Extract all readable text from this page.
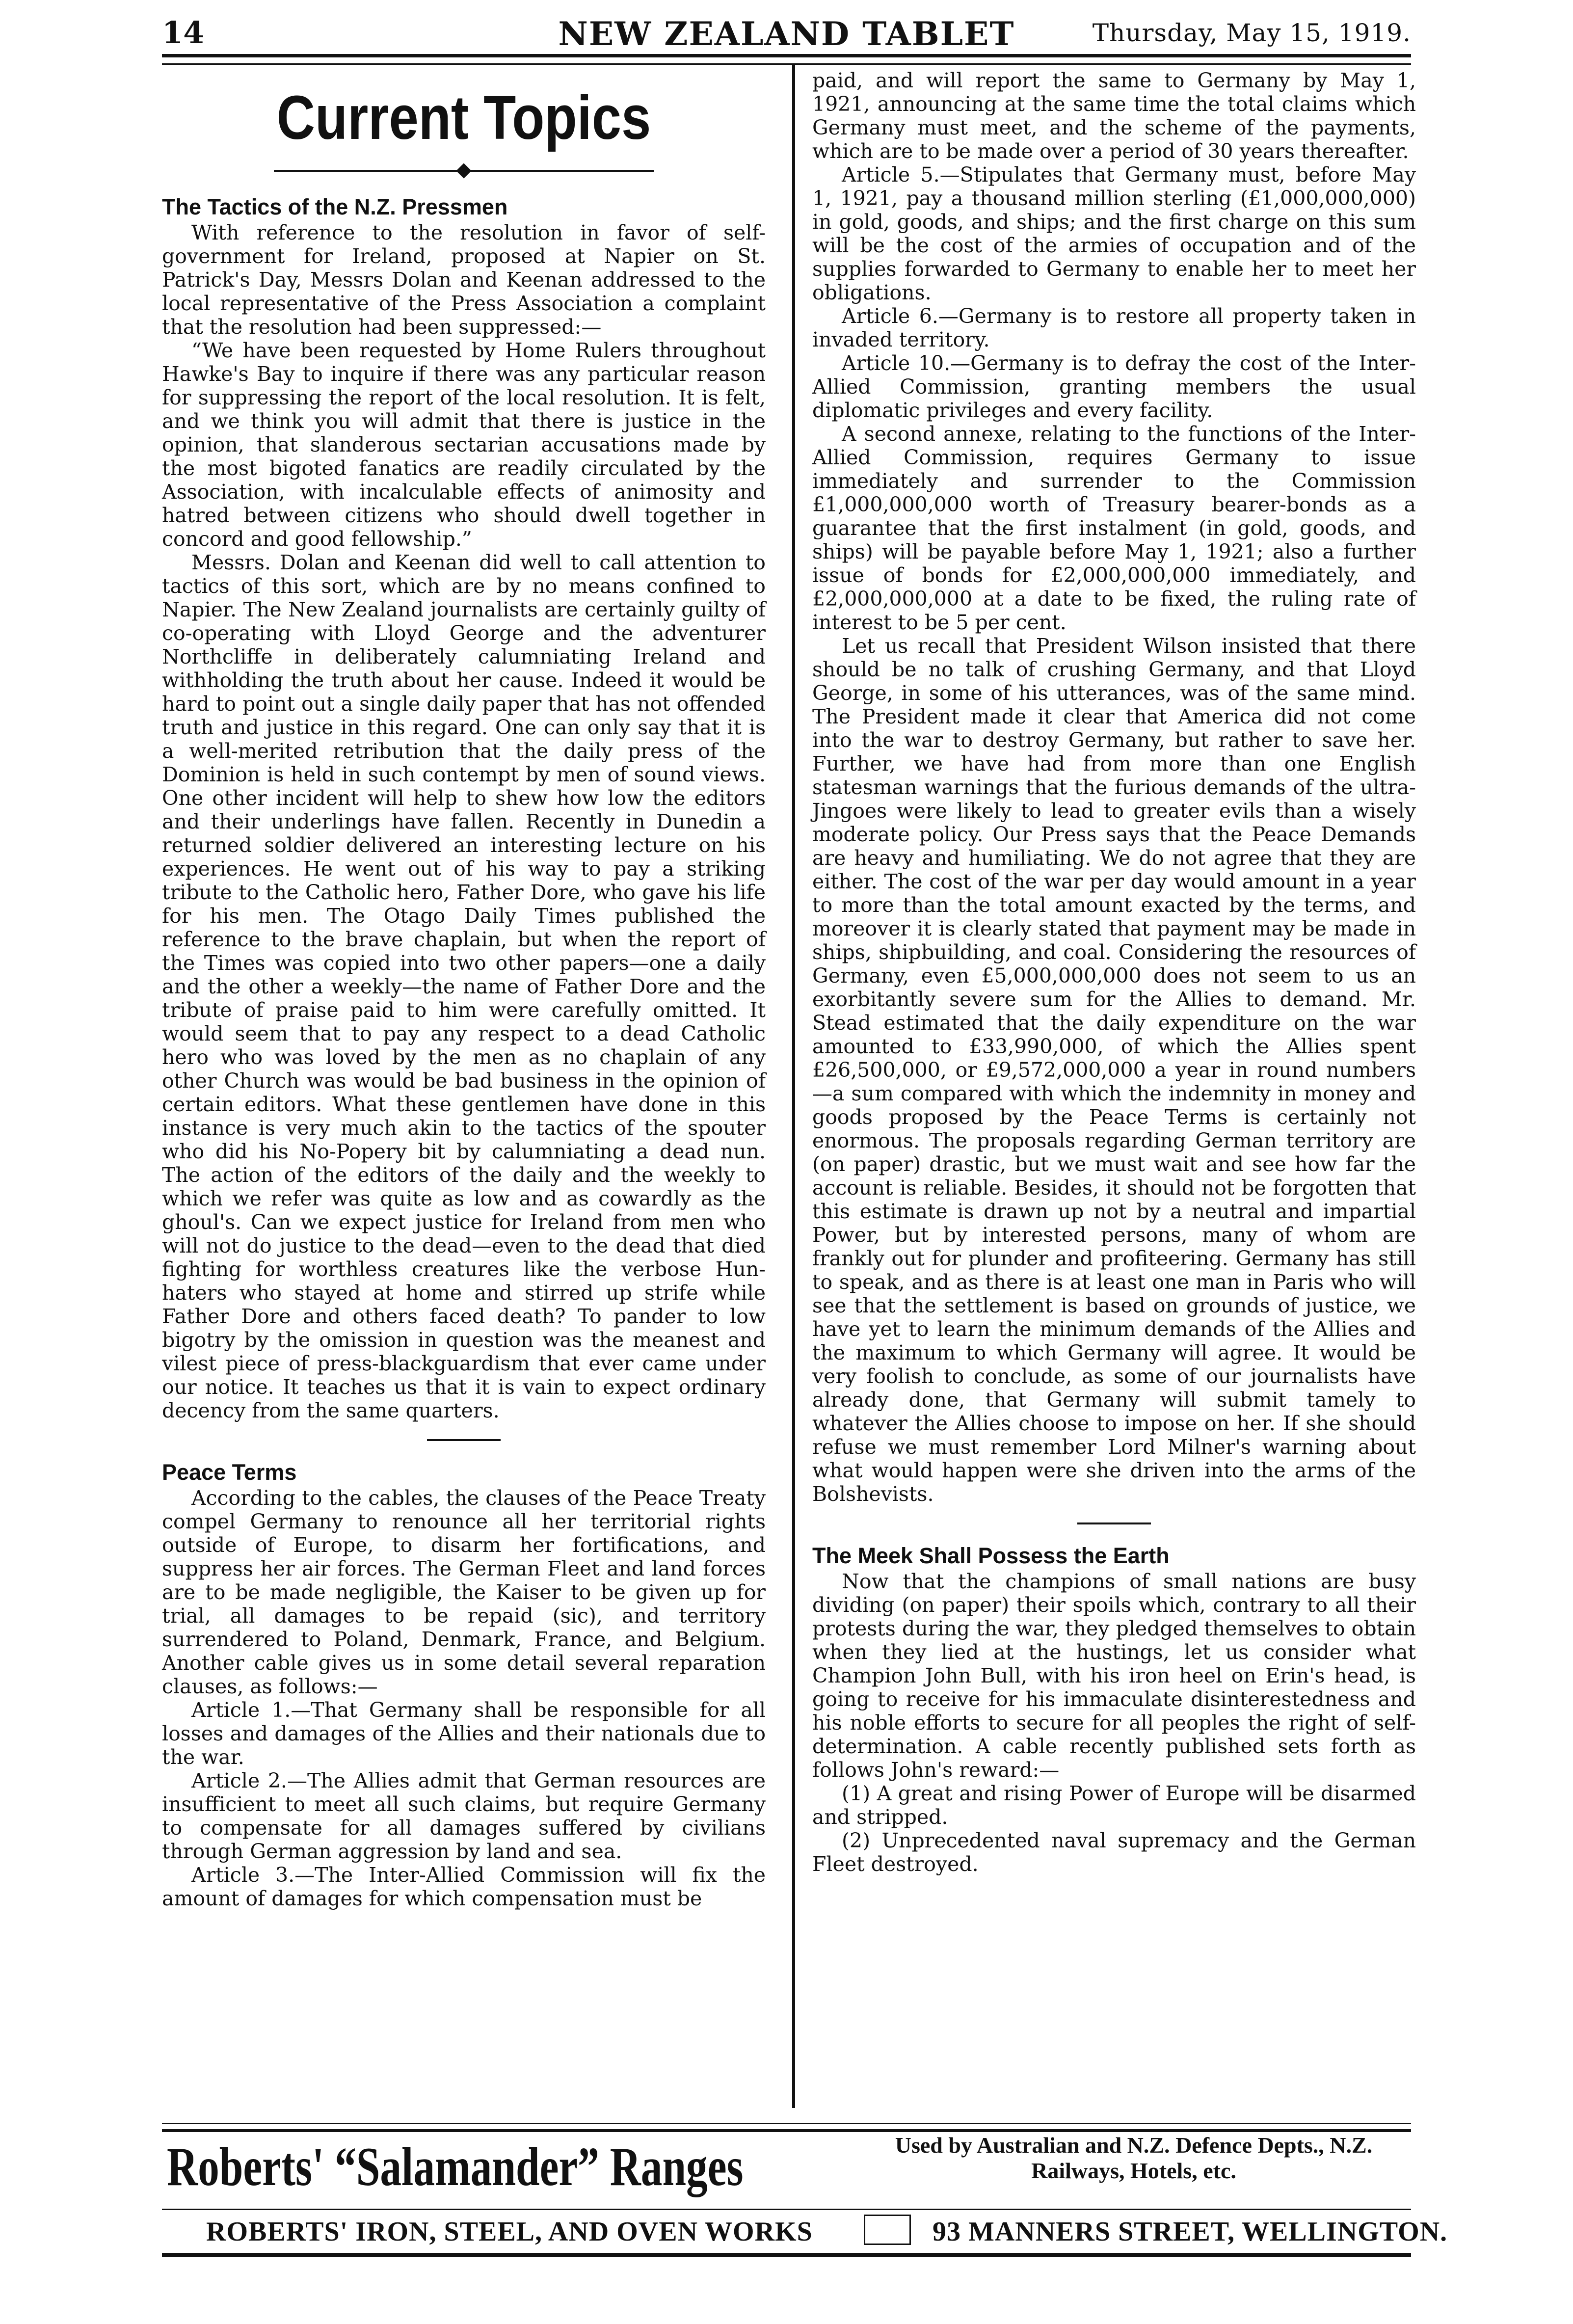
14	NEW ZEALAND TABLET	Thursday, May 15, 1919.
Current Topics

The Tactics of the N.Z. Pressmen

With reference to the resolution in favor of self-government for Ireland, proposed at Napier on St. Patrick's Day, Messrs Dolan and Keenan addressed to the local representative of the Press Association a complaint that the resolution had been suppressed:—

“We have been requested by Home Rulers throughout Hawke's Bay to inquire if there was any particular reason for suppressing the report of the local resolution. It is felt, and we think you will admit that there is justice in the opinion, that slanderous sectarian accusations made by the most bigoted fanatics are readily circulated by the Association, with incalculable effects of animosity and hatred between citizens who should dwell together in concord and good fellowship.”

Messrs. Dolan and Keenan did well to call attention to tactics of this sort, which are by no means confined to Napier. The New Zealand journalists are certainly guilty of co-operating with Lloyd George and the adventurer Northcliffe in deliberately calumniating Ireland and withholding the truth about her cause. Indeed it would be hard to point out a single daily paper that has not offended truth and justice in this regard. One can only say that it is a well-merited retribution that the daily press of the Dominion is held in such contempt by men of sound views. One other incident will help to shew how low the editors and their underlings have fallen. Recently in Dunedin a returned soldier delivered an interesting lecture on his experiences. He went out of his way to pay a striking tribute to the Catholic hero, Father Dore, who gave his life for his men. The Otago Daily Times published the reference to the brave chaplain, but when the report of the Times was copied into two other papers—one a daily and the other a weekly—the name of Father Dore and the tribute of praise paid to him were carefully omitted. It would seem that to pay any respect to a dead Catholic hero who was loved by the men as no chaplain of any other Church was would be bad business in the opinion of certain editors. What these gentlemen have done in this instance is very much akin to the tactics of the spouter who did his No-Popery bit by calumniating a dead nun. The action of the editors of the daily and the weekly to which we refer was quite as low and as cowardly as the ghoul's. Can we expect justice for Ireland from men who will not do justice to the dead—even to the dead that died fighting for worthless creatures like the verbose Hun-haters who stayed at home and stirred up strife while Father Dore and others faced death? To pander to low bigotry by the omission in question was the meanest and vilest piece of press-blackguardism that ever came under our notice. It teaches us that it is vain to expect ordinary decency from the same quarters.

Peace Terms

According to the cables, the clauses of the Peace Treaty compel Germany to renounce all her territorial rights outside of Europe, to disarm her fortifications, and suppress her air forces. The German Fleet and land forces are to be made negligible, the Kaiser to be given up for trial, all damages to be repaid (sic), and territory surrendered to Poland, Denmark, France, and Belgium. Another cable gives us in some detail several reparation clauses, as follows:—

Article 1.—That Germany shall be responsible for all losses and damages of the Allies and their nationals due to the war.

Article 2.—The Allies admit that German resources are insufficient to meet all such claims, but require Germany to compensate for all damages suffered by civilians through German aggression by land and sea.

Article 3.—The Inter-Allied Commission will fix the amount of damages for which compensation must be

paid, and will report the same to Germany by May 1, 1921, announcing at the same time the total claims which Germany must meet, and the scheme of the payments, which are to be made over a period of 30 years thereafter.

Article 5.—Stipulates that Germany must, before May 1, 1921, pay a thousand million sterling (£1,000,000,000) in gold, goods, and ships; and the first charge on this sum will be the cost of the armies of occupation and of the supplies forwarded to Germany to enable her to meet her obligations.

Article 6.—Germany is to restore all property taken in invaded territory.

Article 10.—Germany is to defray the cost of the Inter-Allied Commission, granting members the usual diplomatic privileges and every facility.

A second annexe, relating to the functions of the Inter-Allied Commission, requires Germany to issue immediately and surrender to the Commission £1,000,000,000 worth of Treasury bearer-bonds as a guarantee that the first instalment (in gold, goods, and ships) will be payable before May 1, 1921; also a further issue of bonds for £2,000,000,000 immediately, and £2,000,000,000 at a date to be fixed, the ruling rate of interest to be 5 per cent.

Let us recall that President Wilson insisted that there should be no talk of crushing Germany, and that Lloyd George, in some of his utterances, was of the same mind. The President made it clear that America did not come into the war to destroy Germany, but rather to save her. Further, we have had from more than one English statesman warnings that the furious demands of the ultra-Jingoes were likely to lead to greater evils than a wisely moderate policy. Our Press says that the Peace Demands are heavy and humiliating. We do not agree that they are either. The cost of the war per day would amount in a year to more than the total amount exacted by the terms, and moreover it is clearly stated that payment may be made in ships, shipbuilding, and coal. Considering the resources of Germany, even £5,000,000,000 does not seem to us an exorbitantly severe sum for the Allies to demand. Mr. Stead estimated that the daily expenditure on the war amounted to £33,990,000, of which the Allies spent £26,500,000, or £9,572,000,000 a year in round numbers—a sum compared with which the indemnity in money and goods proposed by the Peace Terms is certainly not enormous. The proposals regarding German territory are (on paper) drastic, but we must wait and see how far the account is reliable. Besides, it should not be forgotten that this estimate is drawn up not by a neutral and impartial Power, but by interested persons, many of whom are frankly out for plunder and profiteering. Germany has still to speak, and as there is at least one man in Paris who will see that the settlement is based on grounds of justice, we have yet to learn the minimum demands of the Allies and the maximum to which Germany will agree. It would be very foolish to conclude, as some of our journalists have already done, that Germany will submit tamely to whatever the Allies choose to impose on her. If she should refuse we must remember Lord Milner's warning about what would happen were she driven into the arms of the Bolshevists.

The Meek Shall Possess the Earth

Now that the champions of small nations are busy dividing (on paper) their spoils which, contrary to all their protests during the war, they pledged themselves to obtain when they lied at the hustings, let us consider what Champion John Bull, with his iron heel on Erin's head, is going to receive for his immaculate disinterestedness and his noble efforts to secure for all peoples the right of self-determination. A cable recently published sets forth as follows John's reward:—

(1) A great and rising Power of Europe will be disarmed and stripped.

(2) Unprecedented naval supremacy and the German Fleet destroyed.

Roberts' “Salamander” Ranges	Used by Australian and N.Z. Defence Depts., N.Z.
Railways, Hotels, etc.
ROBERTS' IRON, STEEL, AND OVEN WORKS	93 MANNERS STREET, WELLINGTON.
